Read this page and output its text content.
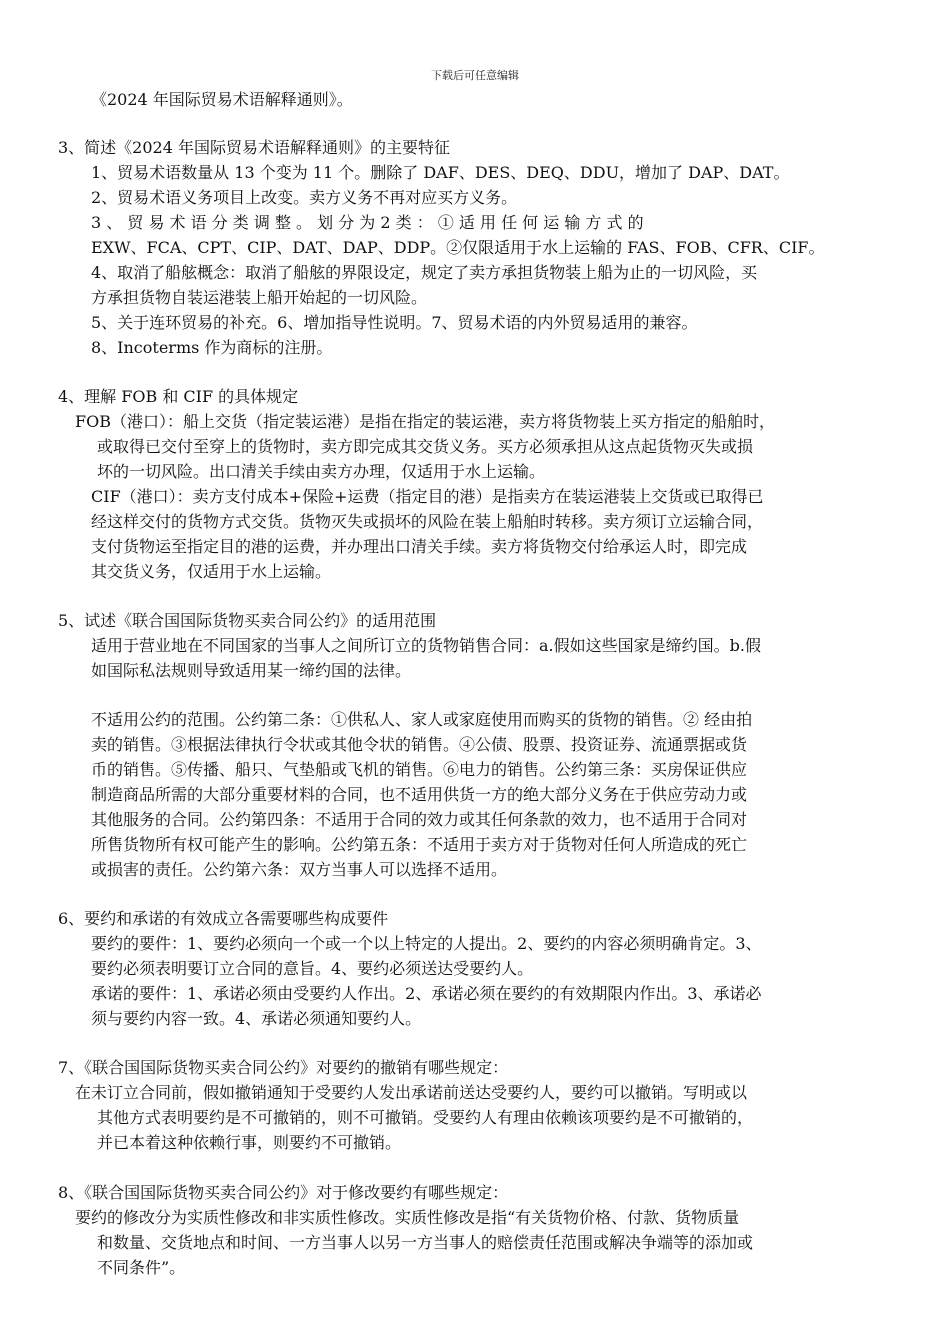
下载后可任意编辑
《2024 年国际贸易术语解释通则》。
3、简述《2024 年国际贸易术语解释通则》的主要特征
1、贸易术语数量从 13 个变为 11 个。删除了 DAF、DES、DEQ、DDU，增加了 DAP、DAT。
2、贸易术语义务项目上改变。卖方义务不再对应买方义务。
3 、 贸 易 术 语 分 类 调 整 。 划 分 为 2 类 ： ① 适 用 任 何 运 输 方 式 的
EXW、FCA、CPT、CIP、DAT、DAP、DDP。②仅限适用于水上运输的 FAS、FOB、CFR、CIF。
4、取消了船舷概念：取消了船舷的界限设定，规定了卖方承担货物装上船为止的一切风险，买
方承担货物自装运港装上船开始起的一切风险。
5、关于连环贸易的补充。6、增加指导性说明。7、贸易术语的内外贸易适用的兼容。
8、Incoterms 作为商标的注册。
4、理解 FOB 和 CIF 的具体规定
FOB（港口）：船上交货（指定装运港）是指在指定的装运港，卖方将货物装上买方指定的船舶时，
或取得已交付至穿上的货物时，卖方即完成其交货义务。买方必须承担从这点起货物灭失或损
坏的一切风险。出口清关手续由卖方办理，仅适用于水上运输。
CIF（港口）：卖方支付成本+保险+运费（指定目的港）是指卖方在装运港装上交货或已取得已
经这样交付的货物方式交货。货物灭失或损坏的风险在装上船舶时转移。卖方须订立运输合同，
支付货物运至指定目的港的运费，并办理出口清关手续。卖方将货物交付给承运人时，即完成
其交货义务，仅适用于水上运输。
5、试述《联合国国际货物买卖合同公约》的适用范围
适用于营业地在不同国家的当事人之间所订立的货物销售合同：a.假如这些国家是缔约国。b.假
如国际私法规则导致适用某一缔约国的法律。
不适用公约的范围。公约第二条：①供私人、家人或家庭使用而购买的货物的销售。② 经由拍
卖的销售。③根据法律执行令状或其他令状的销售。④公债、股票、投资证券、流通票据或货
币的销售。⑤传播、船只、气垫船或飞机的销售。⑥电力的销售。公约第三条：买房保证供应
制造商品所需的大部分重要材料的合同，也不适用供货一方的绝大部分义务在于供应劳动力或
其他服务的合同。公约第四条：不适用于合同的效力或其任何条款的效力，也不适用于合同对
所售货物所有权可能产生的影响。公约第五条：不适用于卖方对于货物对任何人所造成的死亡
或损害的责任。公约第六条：双方当事人可以选择不适用。
6、要约和承诺的有效成立各需要哪些构成要件
要约的要件：1、要约必须向一个或一个以上特定的人提出。2、要约的内容必须明确肯定。3、
要约必须表明要订立合同的意旨。4、要约必须送达受要约人。
承诺的要件：1、承诺必须由受要约人作出。2、承诺必须在要约的有效期限内作出。3、承诺必
须与要约内容一致。4、承诺必须通知要约人。
7、《联合国国际货物买卖合同公约》对要约的撤销有哪些规定：
在未订立合同前，假如撤销通知于受要约人发出承诺前送达受要约人，要约可以撤销。写明或以
其他方式表明要约是不可撤销的，则不可撤销。受要约人有理由依赖该项要约是不可撤销的，
并已本着这种依赖行事，则要约不可撤销。
8、《联合国国际货物买卖合同公约》对于修改要约有哪些规定：
要约的修改分为实质性修改和非实质性修改。实质性修改是指“有关货物价格、付款、货物质量
和数量、交货地点和时间、一方当事人以另一方当事人的赔偿责任范围或解决争端等的添加或
不同条件”。
